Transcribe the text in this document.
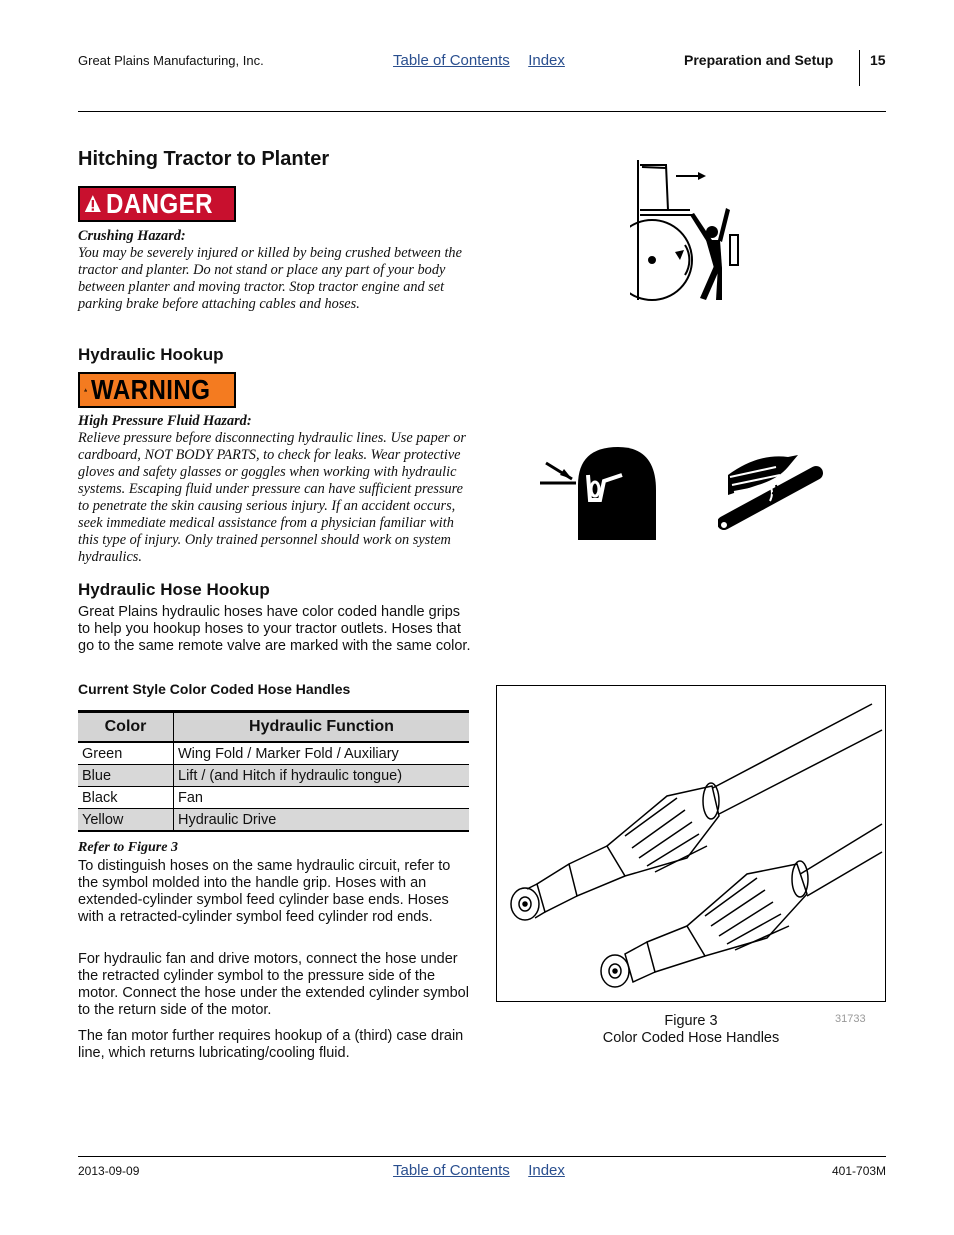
Great Plains Manufacturing, Inc.	Table of Contents Index	Preparation and Setup	15
Hitching Tractor to Planter
DANGER
Crushing Hazard:
You may be severely injured or killed by being crushed between the tractor and planter. Do not stand or place any part of your body between planter and moving tractor. Stop tractor engine and set parking brake before attaching cables and hoses.
Hydraulic Hookup
WARNING
High Pressure Fluid Hazard:
Relieve pressure before disconnecting hydraulic lines. Use paper or cardboard, NOT BODY PARTS, to check for leaks. Wear protective gloves and safety glasses or goggles when working with hydraulic systems. Escaping fluid under pressure can have sufficient pressure to penetrate the skin causing serious injury. If an accident occurs, seek immediate medical assistance from a physician familiar with this type of injury. Only trained personnel should work on system hydraulics.
Hydraulic Hose Hookup
Great Plains hydraulic hoses have color coded handle grips to help you hookup hoses to your tractor outlets. Hoses that go to the same remote valve are marked with the same color.
Current Style Color Coded Hose Handles
Color	Hydraulic Function
Green	Wing Fold / Marker Fold / Auxiliary
Blue	Lift / (and Hitch if hydraulic tongue)
Black	Fan
Yellow	Hydraulic Drive
Refer to Figure 3
To distinguish hoses on the same hydraulic circuit, refer to the symbol molded into the handle grip. Hoses with an extended-cylinder symbol feed cylinder base ends. Hoses with a retracted-cylinder symbol feed cylinder rod ends.
For hydraulic fan and drive motors, connect the hose under the retracted cylinder symbol to the pressure side of the motor. Connect the hose under the extended cylinder symbol to the return side of the motor.
The fan motor further requires hookup of a (third) case drain line, which returns lubricating/cooling fluid.
Figure 3
Color Coded Hose Handles
31733
2013-09-09	Table of Contents Index	401-703M
